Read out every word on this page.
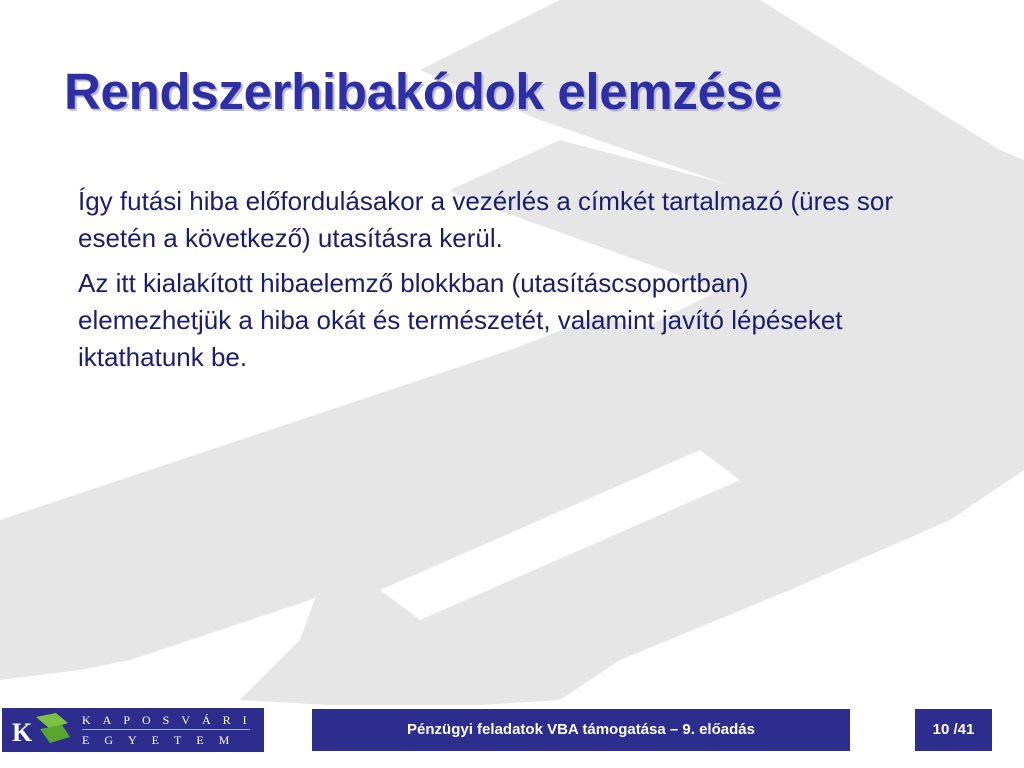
Rendszerhibakódok elemzése

Így futási hiba előfordulásakor a vezérlés a címkét tartalmazó (üres sor esetén a következő) utasításra kerül.

Az itt kialakított hibaelemző blokkban (utasításcsoportban) elemezhetjük a hiba okát és természetét, valamint javító lépéseket iktathatunk be.

K	KAPOSVÁRI
EGYETEM
Pénzügyi feladatok VBA támogatása – 9. előadás	10 /41
